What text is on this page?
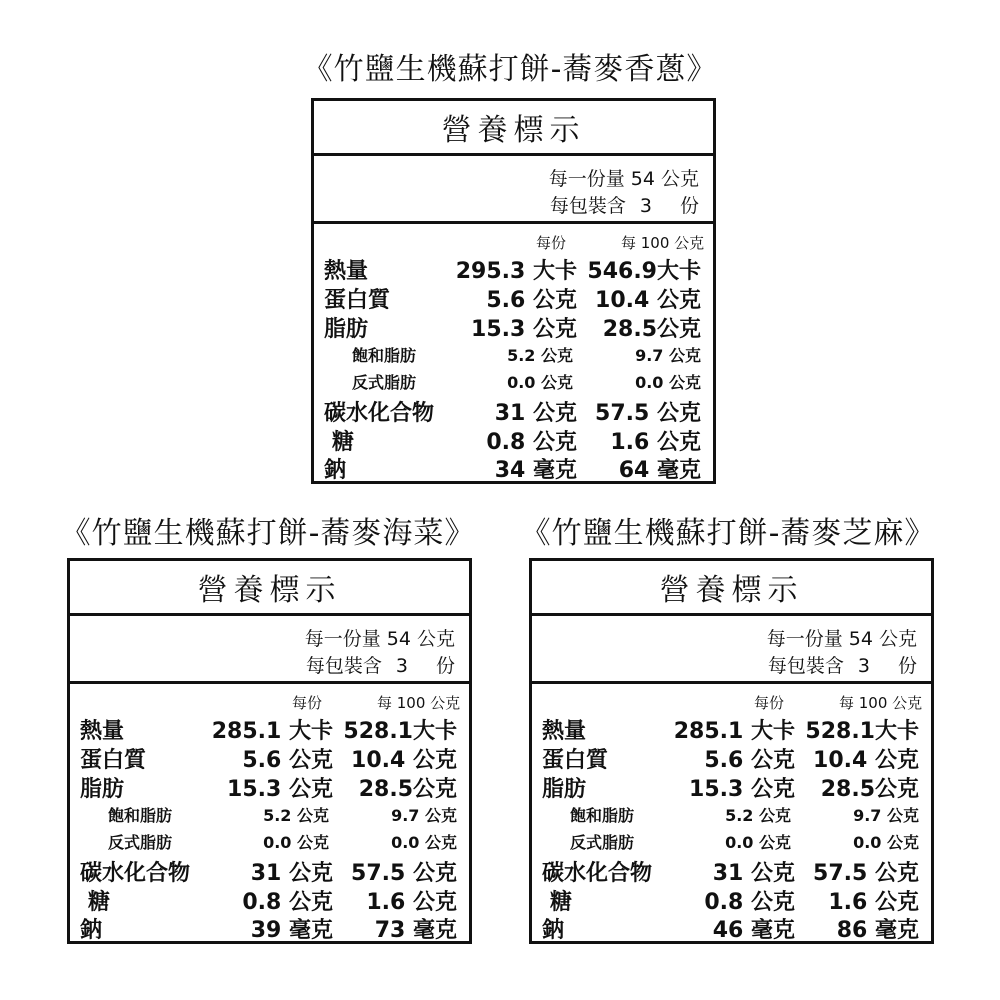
《竹鹽生機蘇打餅-蕎麥香蔥》
營養標示
每一份量 54 公克
每包裝含 3 份
每份	每 100 公克
熱量	295.3 大卡 546.9大卡
蛋白質	5.6 公克 10.4 公克
脂肪	15.3 公克 28.5公克
飽和脂肪	5.2 公克	9.7 公克
反式脂肪	0.0 公克	0.0 公克
碳水化合物	31 公克 57.5 公克
糖	0.8 公克 1.6 公克
鈉	34 毫克 64 毫克
《竹鹽生機蘇打餅-蕎麥海菜》
營養標示
每一份量 54 公克
每包裝含 3 份
每份	每 100 公克
熱量	285.1 大卡 528.1大卡
蛋白質	5.6 公克 10.4 公克
脂肪	15.3 公克 28.5公克
飽和脂肪	5.2 公克	9.7 公克
反式脂肪	0.0 公克	0.0 公克
碳水化合物	31 公克 57.5 公克
糖	0.8 公克 1.6 公克
鈉	39 毫克 73 毫克
《竹鹽生機蘇打餅-蕎麥芝麻》
營養標示
每一份量 54 公克
每包裝含 3 份
每份	每 100 公克
熱量	285.1 大卡 528.1大卡
蛋白質	5.6 公克 10.4 公克
脂肪	15.3 公克 28.5公克
飽和脂肪	5.2 公克	9.7 公克
反式脂肪	0.0 公克	0.0 公克
碳水化合物	31 公克 57.5 公克
糖	0.8 公克 1.6 公克
鈉	46 毫克 86 毫克
